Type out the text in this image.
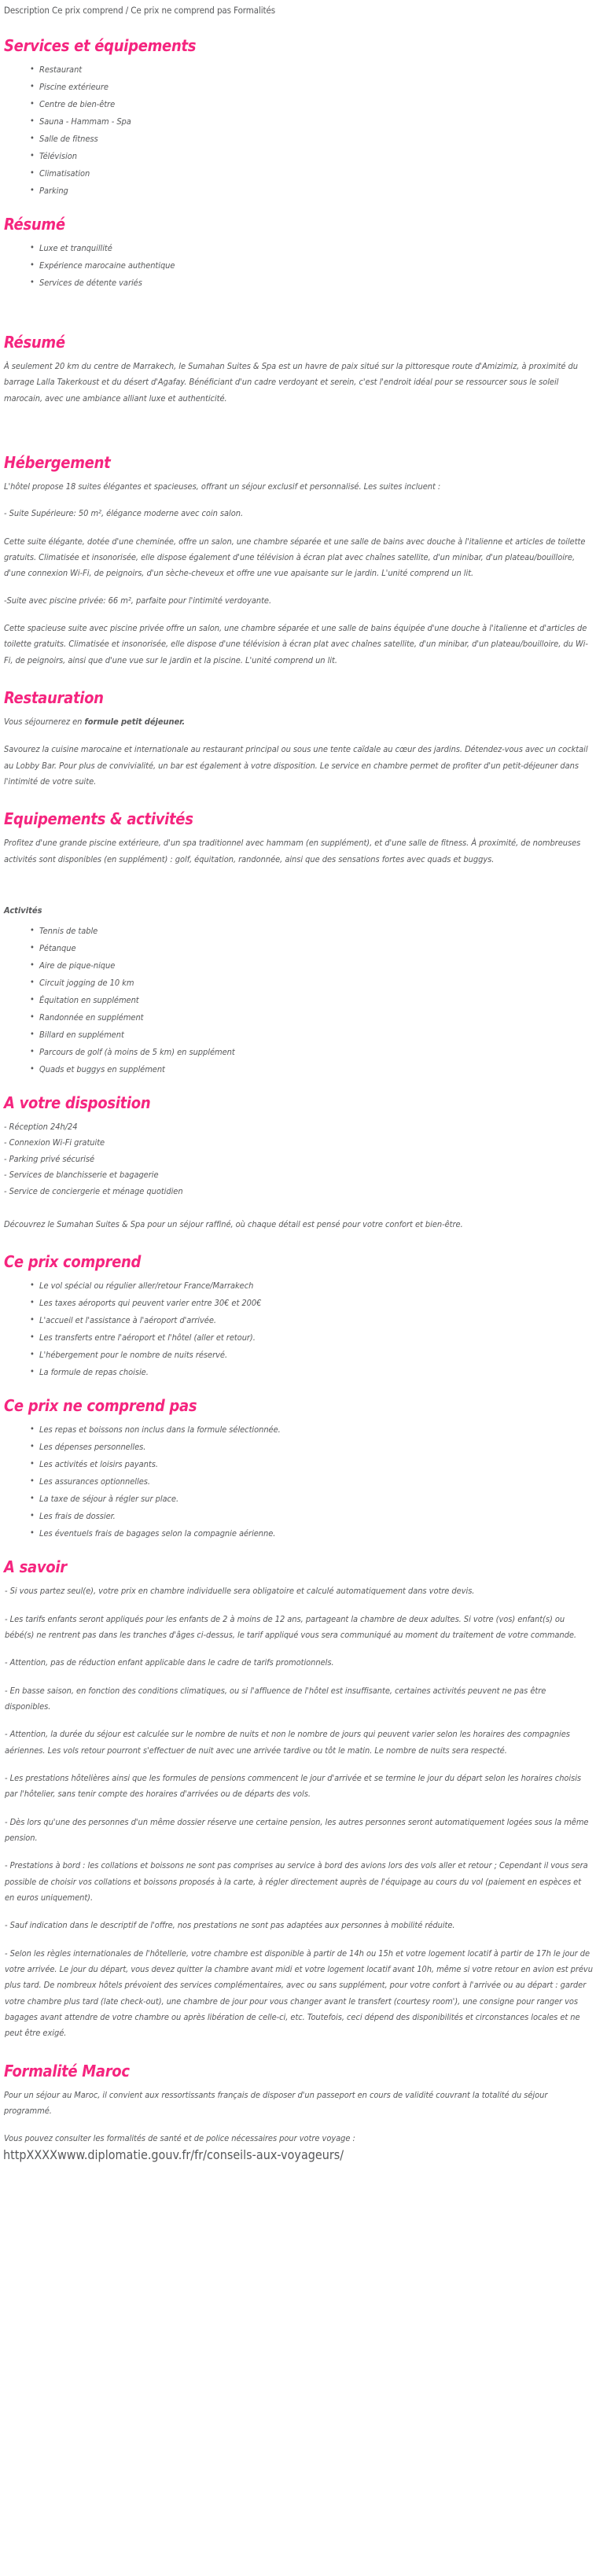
Description Ce prix comprend / Ce prix ne comprend pas Formalités
Services et équipements
• Restaurant
• Piscine extérieure
• Centre de bien-être
• Sauna - Hammam - Spa
• Salle de fitness
• Télévision
• Climatisation
• Parking
Résumé
• Luxe et tranquillité
• Expérience marocaine authentique
• Services de détente variés
Résumé

À seulement 20 km du centre de Marrakech, le Sumahan Suites & Spa est un havre de paix situé sur la pittoresque route d'Amizimiz, à proximité du barrage Lalla Takerkoust et du désert d'Agafay. Bénéficiant d'un cadre verdoyant et serein, c'est l'endroit idéal pour se ressourcer sous le soleil marocain, avec une ambiance alliant luxe et authenticité.

Hébergement

L'hôtel propose 18 suites élégantes et spacieuses, offrant un séjour exclusif et personnalisé. Les suites incluent :

- Suite Supérieure: 50 m², élégance moderne avec coin salon.

Cette suite élégante, dotée d'une cheminée, offre un salon, une chambre séparée et une salle de bains avec douche à l'italienne et articles de toilette gratuits. Climatisée et insonorisée, elle dispose également d'une télévision à écran plat avec chaînes satellite, d'un minibar, d'un plateau/bouilloire, d'une connexion Wi-Fi, de peignoirs, d'un sèche-cheveux et offre une vue apaisante sur le jardin. L'unité comprend un lit.

-Suite avec piscine privée: 66 m², parfaite pour l'intimité verdoyante.

Cette spacieuse suite avec piscine privée offre un salon, une chambre séparée et une salle de bains équipée d'une douche à l'italienne et d'articles de toilette gratuits. Climatisée et insonorisée, elle dispose d'une télévision à écran plat avec chaînes satellite, d'un minibar, d'un plateau/bouilloire, du Wi-Fi, de peignoirs, ainsi que d'une vue sur le jardin et la piscine. L'unité comprend un lit.

Restauration

Vous séjournerez en formule petit déjeuner.

Savourez la cuisine marocaine et internationale au restaurant principal ou sous une tente caïdale au cœur des jardins. Détendez-vous avec un cocktail au Lobby Bar. Pour plus de convivialité, un bar est également à votre disposition. Le service en chambre permet de profiter d'un petit-déjeuner dans l'intimité de votre suite.

Equipements & activités

Profitez d'une grande piscine extérieure, d'un spa traditionnel avec hammam (en supplément), et d'une salle de fitness. À proximité, de nombreuses activités sont disponibles (en supplément) : golf, équitation, randonnée, ainsi que des sensations fortes avec quads et buggys.

Activités
• Tennis de table
• Pétanque
• Aire de pique-nique
• Circuit jogging de 10 km
• Équitation en supplément
• Randonnée en supplément
• Billard en supplément
• Parcours de golf (à moins de 5 km) en supplément
• Quads et buggys en supplément
A votre disposition
- Réception 24h/24
- Connexion Wi-Fi gratuite
- Parking privé sécurisé
- Services de blanchisserie et bagagerie
- Service de conciergerie et ménage quotidien

Découvrez le Sumahan Suites & Spa pour un séjour raffiné, où chaque détail est pensé pour votre confort et bien-être.

Ce prix comprend
• Le vol spécial ou régulier aller/retour France/Marrakech
• Les taxes aéroports qui peuvent varier entre 30€ et 200€
• L'accueil et l'assistance à l'aéroport d'arrivée.
• Les transferts entre l'aéroport et l'hôtel (aller et retour).
• L'hébergement pour le nombre de nuits réservé.
• La formule de repas choisie.
Ce prix ne comprend pas
• Les repas et boissons non inclus dans la formule sélectionnée.
• Les dépenses personnelles.
• Les activités et loisirs payants.
• Les assurances optionnelles.
• La taxe de séjour à régler sur place.
• Les frais de dossier.
• Les éventuels frais de bagages selon la compagnie aérienne.
A savoir

- Si vous partez seul(e), votre prix en chambre individuelle sera obligatoire et calculé automatiquement dans votre devis.

- Les tarifs enfants seront appliqués pour les enfants de 2 à moins de 12 ans, partageant la chambre de deux adultes. Si votre (vos) enfant(s) ou bébé(s) ne rentrent pas dans les tranches d'âges ci-dessus, le tarif appliqué vous sera communiqué au moment du traitement de votre commande.

- Attention, pas de réduction enfant applicable dans le cadre de tarifs promotionnels.

- En basse saison, en fonction des conditions climatiques, ou si l'affluence de l'hôtel est insuffisante, certaines activités peuvent ne pas être disponibles.

- Attention, la durée du séjour est calculée sur le nombre de nuits et non le nombre de jours qui peuvent varier selon les horaires des compagnies aériennes. Les vols retour pourront s'effectuer de nuit avec une arrivée tardive ou tôt le matin. Le nombre de nuits sera respecté.

- Les prestations hôtelières ainsi que les formules de pensions commencent le jour d'arrivée et se termine le jour du départ selon les horaires choisis par l'hôtelier, sans tenir compte des horaires d'arrivées ou de départs des vols.

- Dès lors qu'une des personnes d'un même dossier réserve une certaine pension, les autres personnes seront automatiquement logées sous la même pension.

- Prestations à bord : les collations et boissons ne sont pas comprises au service à bord des avions lors des vols aller et retour ; Cependant il vous sera possible de choisir vos collations et boissons proposés à la carte, à régler directement auprès de l'équipage au cours du vol (paiement en espèces et en euros uniquement).

- Sauf indication dans le descriptif de l'offre, nos prestations ne sont pas adaptées aux personnes à mobilité réduite.

- Selon les règles internationales de l'hôtellerie, votre chambre est disponible à partir de 14h ou 15h et votre logement locatif à partir de 17h le jour de votre arrivée. Le jour du départ, vous devez quitter la chambre avant midi et votre logement locatif avant 10h, même si votre retour en avion est prévu plus tard. De nombreux hôtels prévoient des services complémentaires, avec ou sans supplément, pour votre confort à l'arrivée ou au départ : garder votre chambre plus tard (late check-out), une chambre de jour pour vous changer avant le transfert (courtesy room'), une consigne pour ranger vos bagages avant attendre de votre chambre ou après libération de celle-ci, etc. Toutefois, ceci dépend des disponibilités et circonstances locales et ne peut être exigé.

Formalité Maroc

Pour un séjour au Maroc, il convient aux ressortissants français de disposer d'un passeport en cours de validité couvrant la totalité du séjour programmé.

Vous pouvez consulter les formalités de santé et de police nécessaires pour votre voyage :

httpXXXXwww.diplomatie.gouv.fr/fr/conseils-aux-voyageurs/
